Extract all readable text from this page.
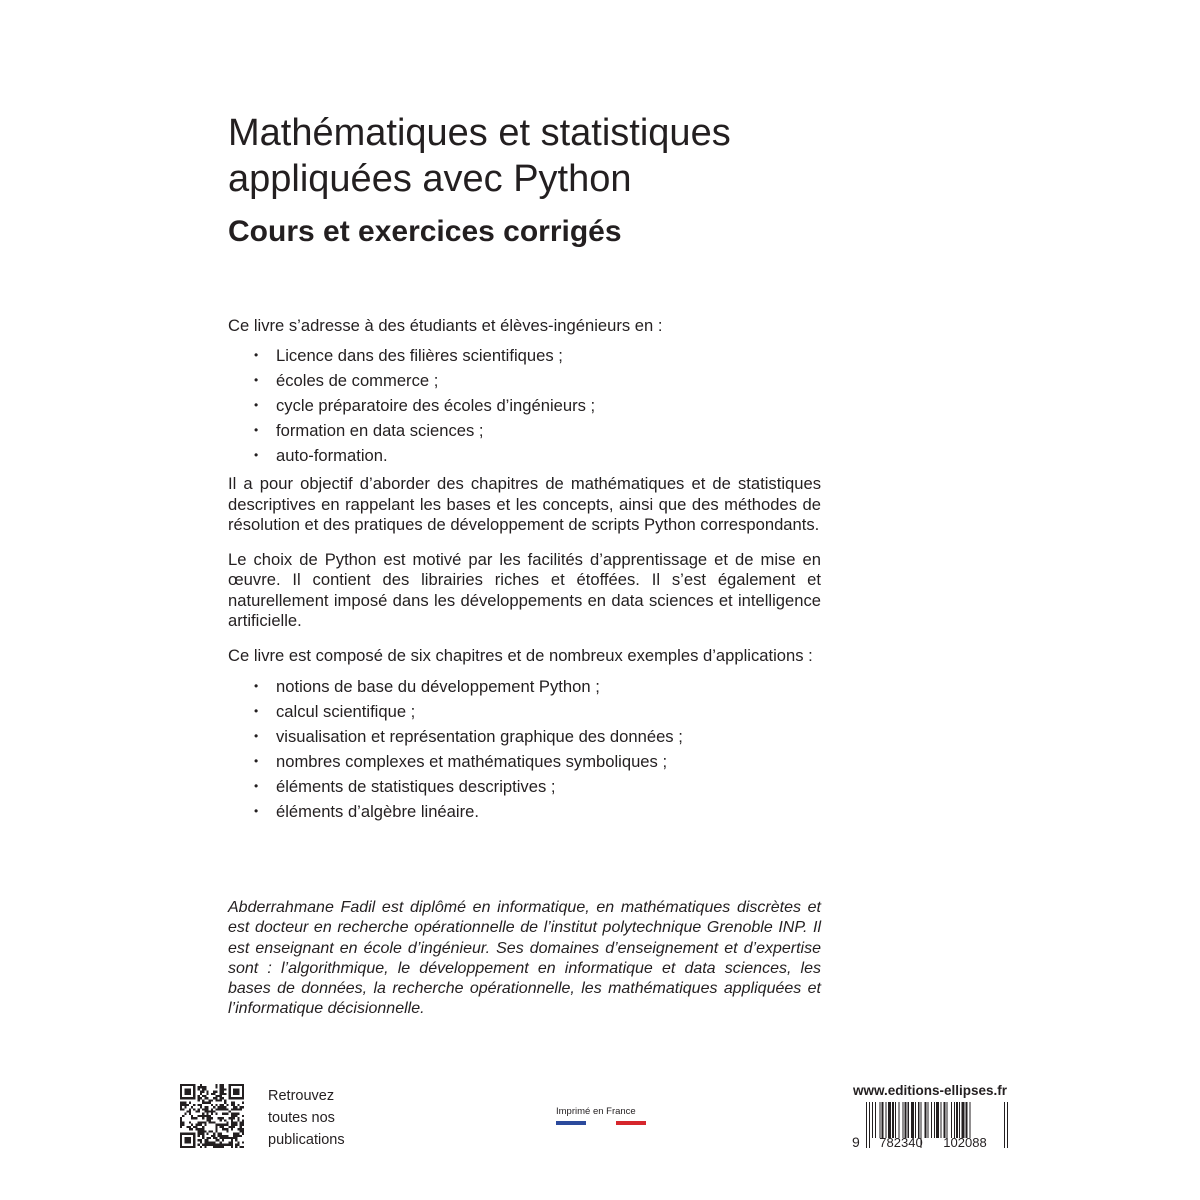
Mathématiques et statistiques
appliquées avec Python
Cours et exercices corrigés

Ce livre s’adresse à des étudiants et élèves-ingénieurs en :

• Licence dans des filières scientifiques ;
• écoles de commerce ;
• cycle préparatoire des écoles d’ingénieurs ;
• formation en data sciences ;
• auto-formation.

Il a pour objectif d’aborder des chapitres de mathématiques et de statistiques descriptives en rappelant les bases et les concepts, ainsi que des méthodes de résolution et des pratiques de développement de scripts Python correspondants.

Le choix de Python est motivé par les facilités d’apprentissage et de mise en œuvre. Il contient des librairies riches et étoffées. Il s’est également et naturellement imposé dans les développements en data sciences et intelligence artificielle.

Ce livre est composé de six chapitres et de nombreux exemples d’applications :

• notions de base du développement Python ;
• calcul scientifique ;
• visualisation et représentation graphique des données ;
• nombres complexes et mathématiques symboliques ;
• éléments de statistiques descriptives ;
• éléments d’algèbre linéaire.

Abderrahmane Fadil est diplômé en informatique, en mathématiques discrètes et est docteur en recherche opérationnelle de l’institut polytechnique Grenoble INP. Il est enseignant en école d’ingénieur. Ses domaines d’enseignement et d’expertise sont : l’algorithmique, le développement en informatique et data sciences, les bases de données, la recherche opérationnelle, les mathématiques appliquées et l’informatique décisionnelle.

Retrouvez
toutes nos
publications
Imprimé en France
www.editions-ellipses.fr
9 782340 102088
